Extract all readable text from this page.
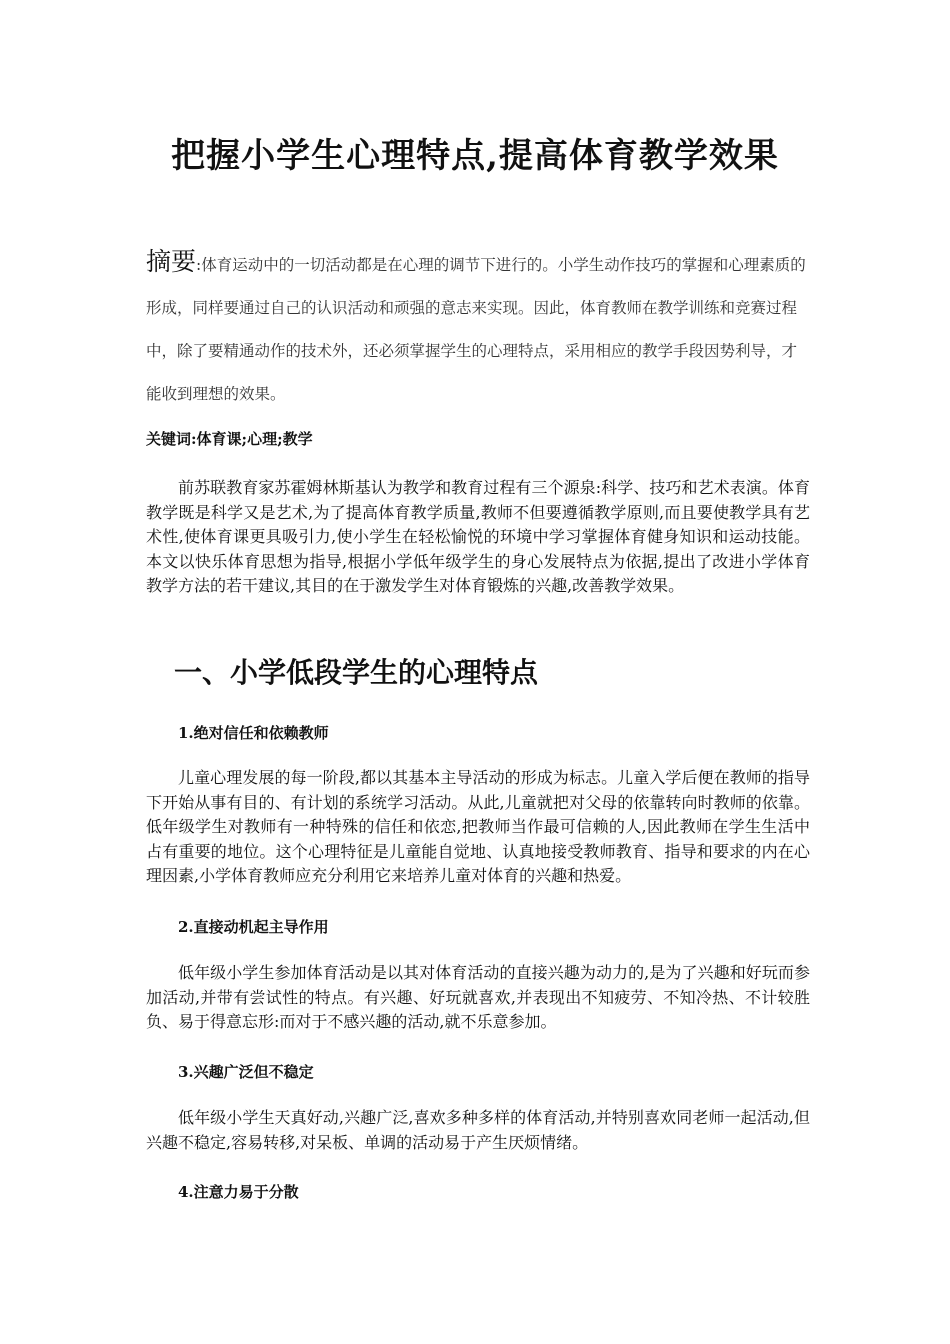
把握小学生心理特点,提高体育教学效果

摘要:体育运动中的一切活动都是在心理的调节下进行的。小学生动作技巧的掌握和心理素质的形成，同样要通过自己的认识活动和顽强的意志来实现。因此，体育教师在教学训练和竞赛过程中，除了要精通动作的技术外，还必须掌握学生的心理特点，采用相应的教学手段因势利导，才能收到理想的效果。

关键词:体育课;心理;教学

前苏联教育家苏霍姆林斯基认为教学和教育过程有三个源泉:科学、技巧和艺术表演。体育教学既是科学又是艺术,为了提高体育教学质量,教师不但要遵循教学原则,而且要使教学具有艺术性,使体育课更具吸引力,使小学生在轻松愉悦的环境中学习掌握体育健身知识和运动技能。本文以快乐体育思想为指导,根据小学低年级学生的身心发展特点为依据,提出了改进小学体育教学方法的若干建议,其目的在于激发学生对体育锻炼的兴趣,改善教学效果。

一、小学低段学生的心理特点
1.绝对信任和依赖教师

儿童心理发展的每一阶段,都以其基本主导活动的形成为标志。儿童入学后便在教师的指导下开始从事有目的、有计划的系统学习活动。从此,儿童就把对父母的依靠转向时教师的依靠。低年级学生对教师有一种特殊的信任和依恋,把教师当作最可信赖的人,因此教师在学生生活中占有重要的地位。这个心理特征是儿童能自觉地、认真地接受教师教育、指导和要求的内在心理因素,小学体育教师应充分利用它来培养儿童对体育的兴趣和热爱。

2.直接动机起主导作用

低年级小学生参加体育活动是以其对体育活动的直接兴趣为动力的,是为了兴趣和好玩而参加活动,并带有尝试性的特点。有兴趣、好玩就喜欢,并表现出不知疲劳、不知冷热、不计较胜负、易于得意忘形:而对于不感兴趣的活动,就不乐意参加。

3.兴趣广泛但不稳定

低年级小学生天真好动,兴趣广泛,喜欢多种多样的体育活动,并特别喜欢同老师一起活动,但兴趣不稳定,容易转移,对呆板、单调的活动易于产生厌烦情绪。

4.注意力易于分散
